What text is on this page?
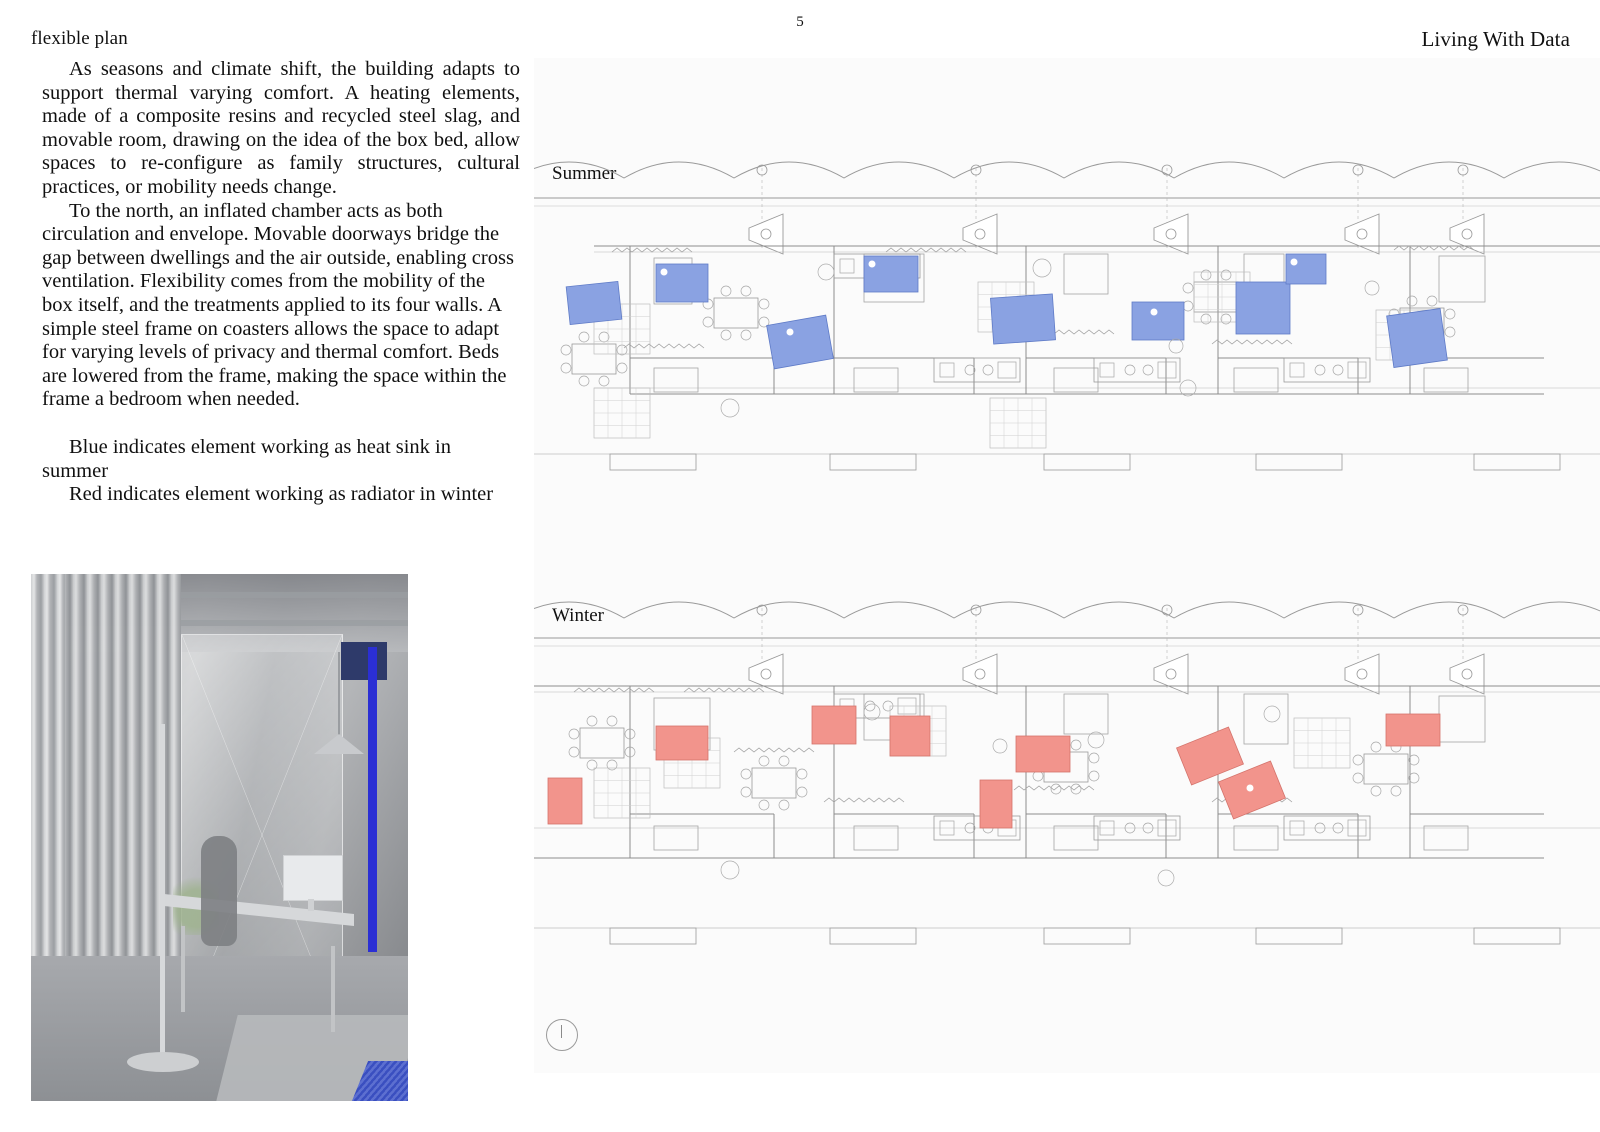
flexible plan
5
Living With Data

As seasons and climate shift, the building adapts to support thermal varying comfort. A heating elements, made of a composite resins and recycled steel slag, and movable room, drawing on the idea of the box bed, allow spaces to re-configure as family structures, cultural practices, or mobility needs change.

To the north, an inflated chamber acts as both circulation and envelope. Movable doorways bridge the gap between dwellings and the air outside, enabling cross ventilation. Flexibility comes from the mobility of the box itself, and the treatments applied to its four walls. A simple steel frame on coasters allows the space to adapt for varying levels of privacy and thermal comfort. Beds are lowered from the frame, making the space within the frame a bedroom when needed.

Blue indicates element working as heat sink in summer

Red indicates element working as radiator in winter

Summer
Winter
